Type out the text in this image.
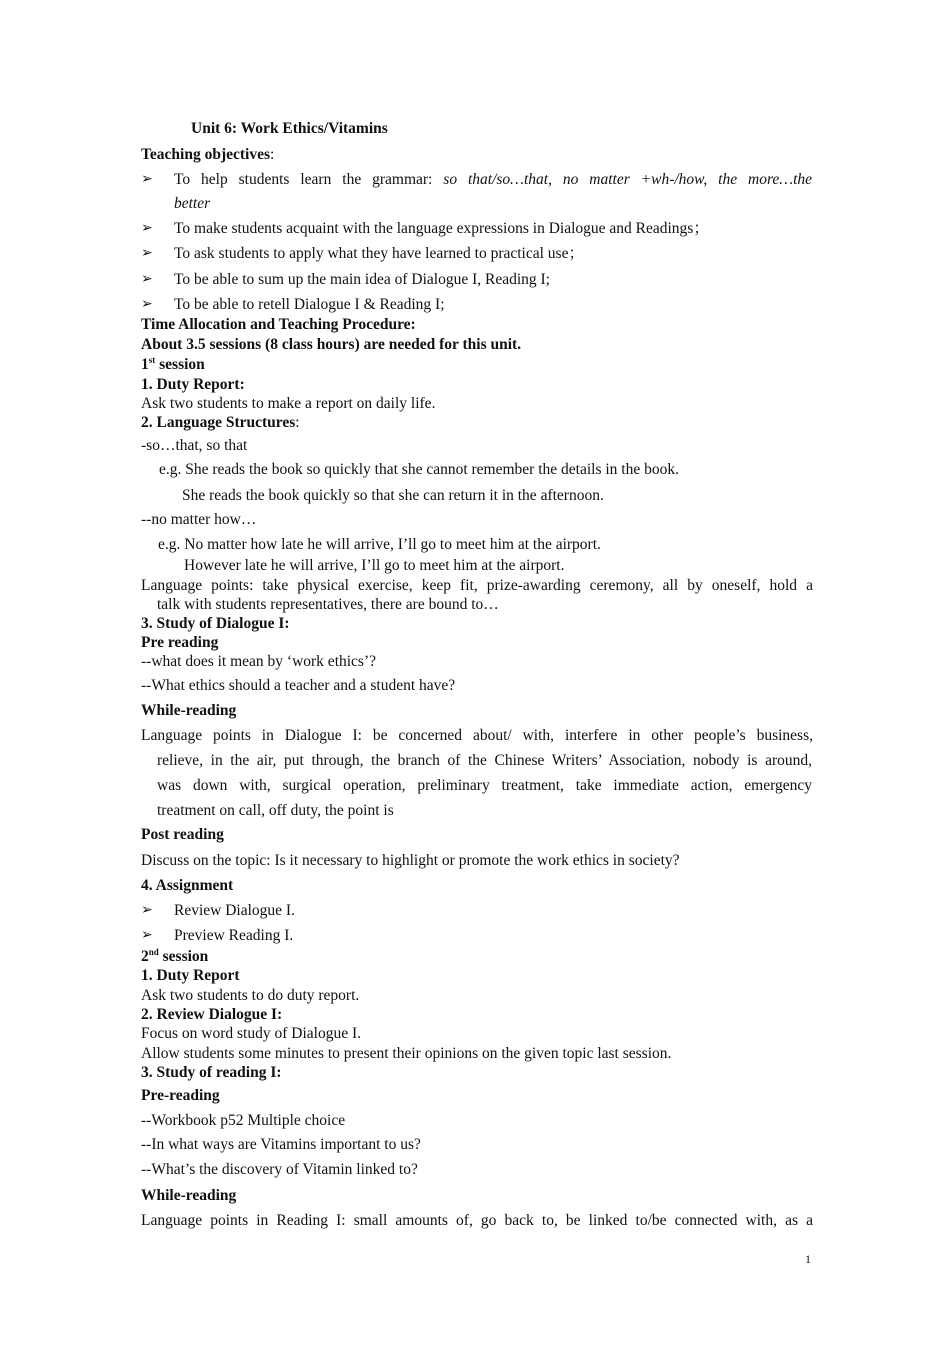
Unit 6: Work Ethics/Vitamins
Teaching objectives:
➢ To help students learn the grammar: so that/so…that, no matter +wh-/how, the more…the
better
➢ To make students acquaint with the language expressions in Dialogue and Readings；
➢ To ask students to apply what they have learned to practical use；
➢ To be able to sum up the main idea of Dialogue I, Reading I;
➢ To be able to retell Dialogue I & Reading I;
Time Allocation and Teaching Procedure:
About 3.5 sessions (8 class hours) are needed for this unit.
1st session
1. Duty Report:
Ask two students to make a report on daily life.
2. Language Structures:
-so…that, so that
e.g. She reads the book so quickly that she cannot remember the details in the book.
She reads the book quickly so that she can return it in the afternoon.
--no matter how…
e.g. No matter how late he will arrive, I’ll go to meet him at the airport.
However late he will arrive, I’ll go to meet him at the airport.
Language points: take physical exercise, keep fit, prize-awarding ceremony, all by oneself, hold a
talk with students representatives, there are bound to…
3. Study of Dialogue I:
Pre reading
--what does it mean by ‘work ethics’?
--What ethics should a teacher and a student have?
While-reading
Language points in Dialogue I: be concerned about/ with, interfere in other people’s business,
relieve, in the air, put through, the branch of the Chinese Writers’ Association, nobody is around,
was down with, surgical operation, preliminary treatment, take immediate action, emergency
treatment on call, off duty, the point is
Post reading
Discuss on the topic: Is it necessary to highlight or promote the work ethics in society?
4. Assignment
➢ Review Dialogue I.
➢ Preview Reading I.
2nd session
1. Duty Report
Ask two students to do duty report.
2. Review Dialogue I:
Focus on word study of Dialogue I.
Allow students some minutes to present their opinions on the given topic last session.
3. Study of reading I:
Pre-reading
--Workbook p52 Multiple choice
--In what ways are Vitamins important to us?
--What’s the discovery of Vitamin linked to?
While-reading
Language points in Reading I: small amounts of, go back to, be linked to/be connected with, as a
1
